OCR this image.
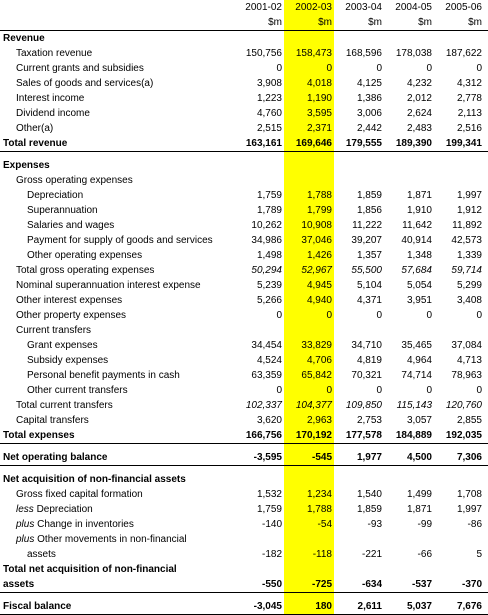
	2001-02	2002-03	2003-04	2004-05	2005-06	
	$m	$m	$m	$m	$m	
Revenue						
Taxation revenue	150,756	158,473	168,596	178,038	187,622	
Current grants and subsidies	0	0	0	0	0	
Sales of goods and services(a)	3,908	4,018	4,125	4,232	4,312	
Interest income	1,223	1,190	1,386	2,012	2,778	
Dividend income	4,760	3,595	3,006	2,624	2,113	
Other(a)	2,515	2,371	2,442	2,483	2,516	
Total revenue	163,161	169,646	179,555	189,390	199,341	

Expenses						
Gross operating expenses						
Depreciation	1,759	1,788	1,859	1,871	1,997	
Superannuation	1,789	1,799	1,856	1,910	1,912	
Salaries and wages	10,262	10,908	11,222	11,642	11,892	
Payment for supply of goods and services	34,986	37,046	39,207	40,914	42,573	
Other operating expenses	1,498	1,426	1,357	1,348	1,339	
Total gross operating expenses	50,294	52,967	55,500	57,684	59,714	
Nominal superannuation interest expense	5,239	4,945	5,104	5,054	5,299	
Other interest expenses	5,266	4,940	4,371	3,951	3,408	
Other property expenses	0	0	0	0	0	
Current transfers						
Grant expenses	34,454	33,829	34,710	35,465	37,084	
Subsidy expenses	4,524	4,706	4,819	4,964	4,713	
Personal benefit payments in cash	63,359	65,842	70,321	74,714	78,963	
Other current transfers	0	0	0	0	0	
Total current transfers	102,337	104,377	109,850	115,143	120,760	
Capital transfers	3,620	2,963	2,753	3,057	2,855	
Total expenses	166,756	170,192	177,578	184,889	192,035	

Net operating balance	-3,595	-545	1,977	4,500	7,306	

Net acquisition of non-financial assets						
Gross fixed capital formation	1,532	1,234	1,540	1,499	1,708	
less Depreciation	1,759	1,788	1,859	1,871	1,997	
plus Change in inventories	-140	-54	-93	-99	-86	
plus Other movements in non-financial						
assets	-182	-118	-221	-66	5	
Total net acquisition of non-financial						
assets	-550	-725	-634	-537	-370	

Fiscal balance	-3,045	180	2,611	5,037	7,676	
